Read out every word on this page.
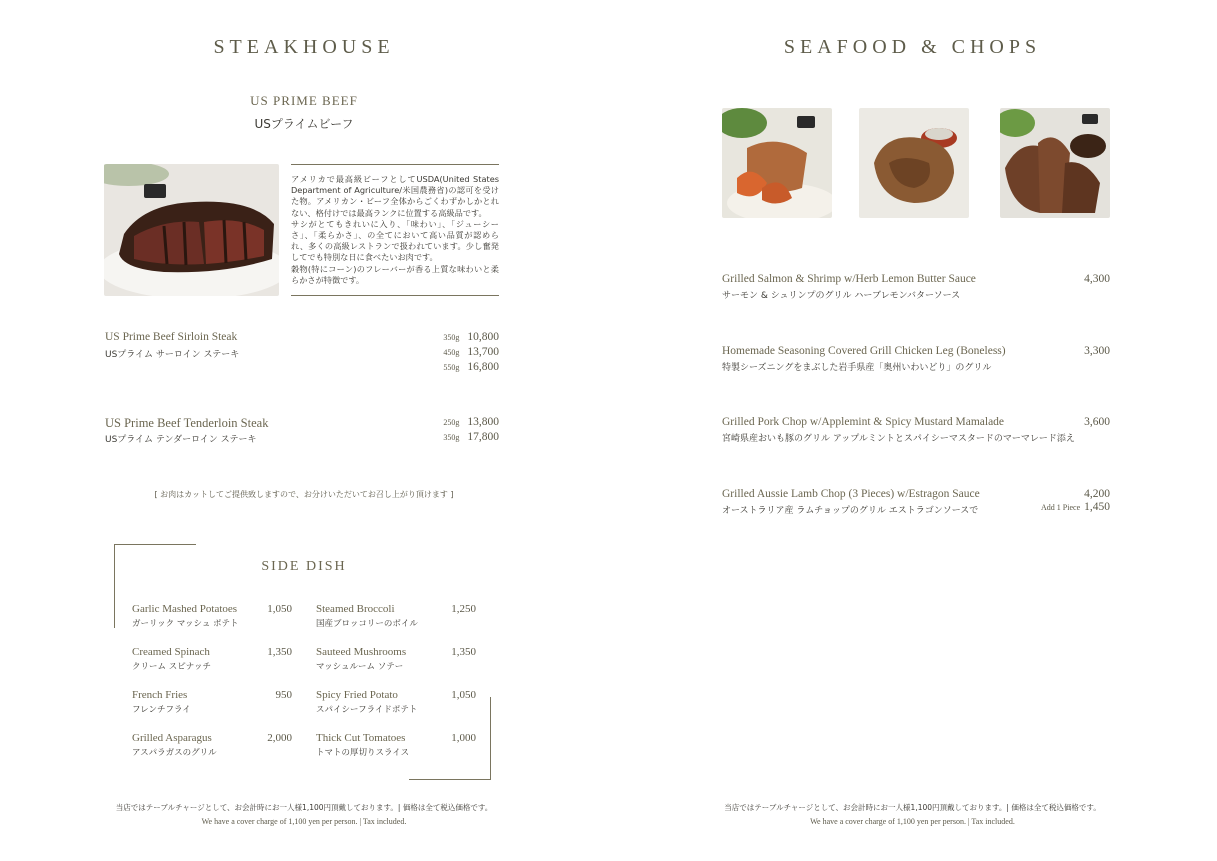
STEAKHOUSE
US PRIME BEEF
USプライムビーフ

アメリカで最高級ビーフとしてUSDA(United States Department of Agriculture/米国農務省)の認可を受けた物。アメリカン・ビーフ全体からごくわずかしかとれない、格付けでは最高ランクに位置する高級品です。
サシがとてもきれいに入り、「味わい」、「ジューシーさ」、「柔らかさ」、の全てにおいて高い品質が認められ、多くの高級レストランで扱われています。少し奮発してでも特別な日に食べたいお肉です。
穀物(特にコーン)のフレーバーが香る上質な味わいと柔らかさが特徴です。

US Prime Beef Sirloin Steak
USプライム サーロイン ステーキ
350g 10,800
450g 13,700
550g 16,800
US Prime Beef Tenderloin Steak
USプライム テンダーロイン ステーキ
250g 13,800
350g 17,800
[ お肉はカットしてご提供致しますので、お分けいただいてお召し上がり頂けます ]
SIDE DISH
Garlic Mashed Potatoes
ガーリック マッシュ ポテト
1,050 Steamed Broccoli
国産ブロッコリーのボイル
1,250
Creamed Spinach
クリーム スピナッチ
1,350 Sauteed Mushrooms
マッシュルーム ソテー
1,350
French Fries
フレンチフライ
950 Spicy Fried Potato
スパイシーフライドポテト
1,050
Grilled Asparagus
アスパラガスのグリル
2,000 Thick Cut Tomatoes
トマトの厚切りスライス
1,000
当店ではテーブルチャージとして、お会計時にお一人様1,100円頂戴しております。| 価格は全て税込価格です。
We have a cover charge of 1,100 yen per person. | Tax included.
SEAFOOD & CHOPS
Grilled Salmon & Shrimp w/Herb Lemon Butter Sauce
サーモン & シュリンプのグリル ハーブレモンバターソース
4,300
Homemade Seasoning Covered Grill Chicken Leg (Boneless)
特製シーズニングをまぶした岩手県産「奥州いわいどり」のグリル
3,300
Grilled Pork Chop w/Applemint & Spicy Mustard Mamalade
宮崎県産おいも豚のグリル アップルミントとスパイシーマスタードのマーマレード添え
3,600
Grilled Aussie Lamb Chop (3 Pieces) w/Estragon Sauce
オーストラリア産 ラムチョップのグリル エストラゴンソースで
4,200
Add 1 Piece 1,450
当店ではテーブルチャージとして、お会計時にお一人様1,100円頂戴しております。| 価格は全て税込価格です。
We have a cover charge of 1,100 yen per person. | Tax included.
